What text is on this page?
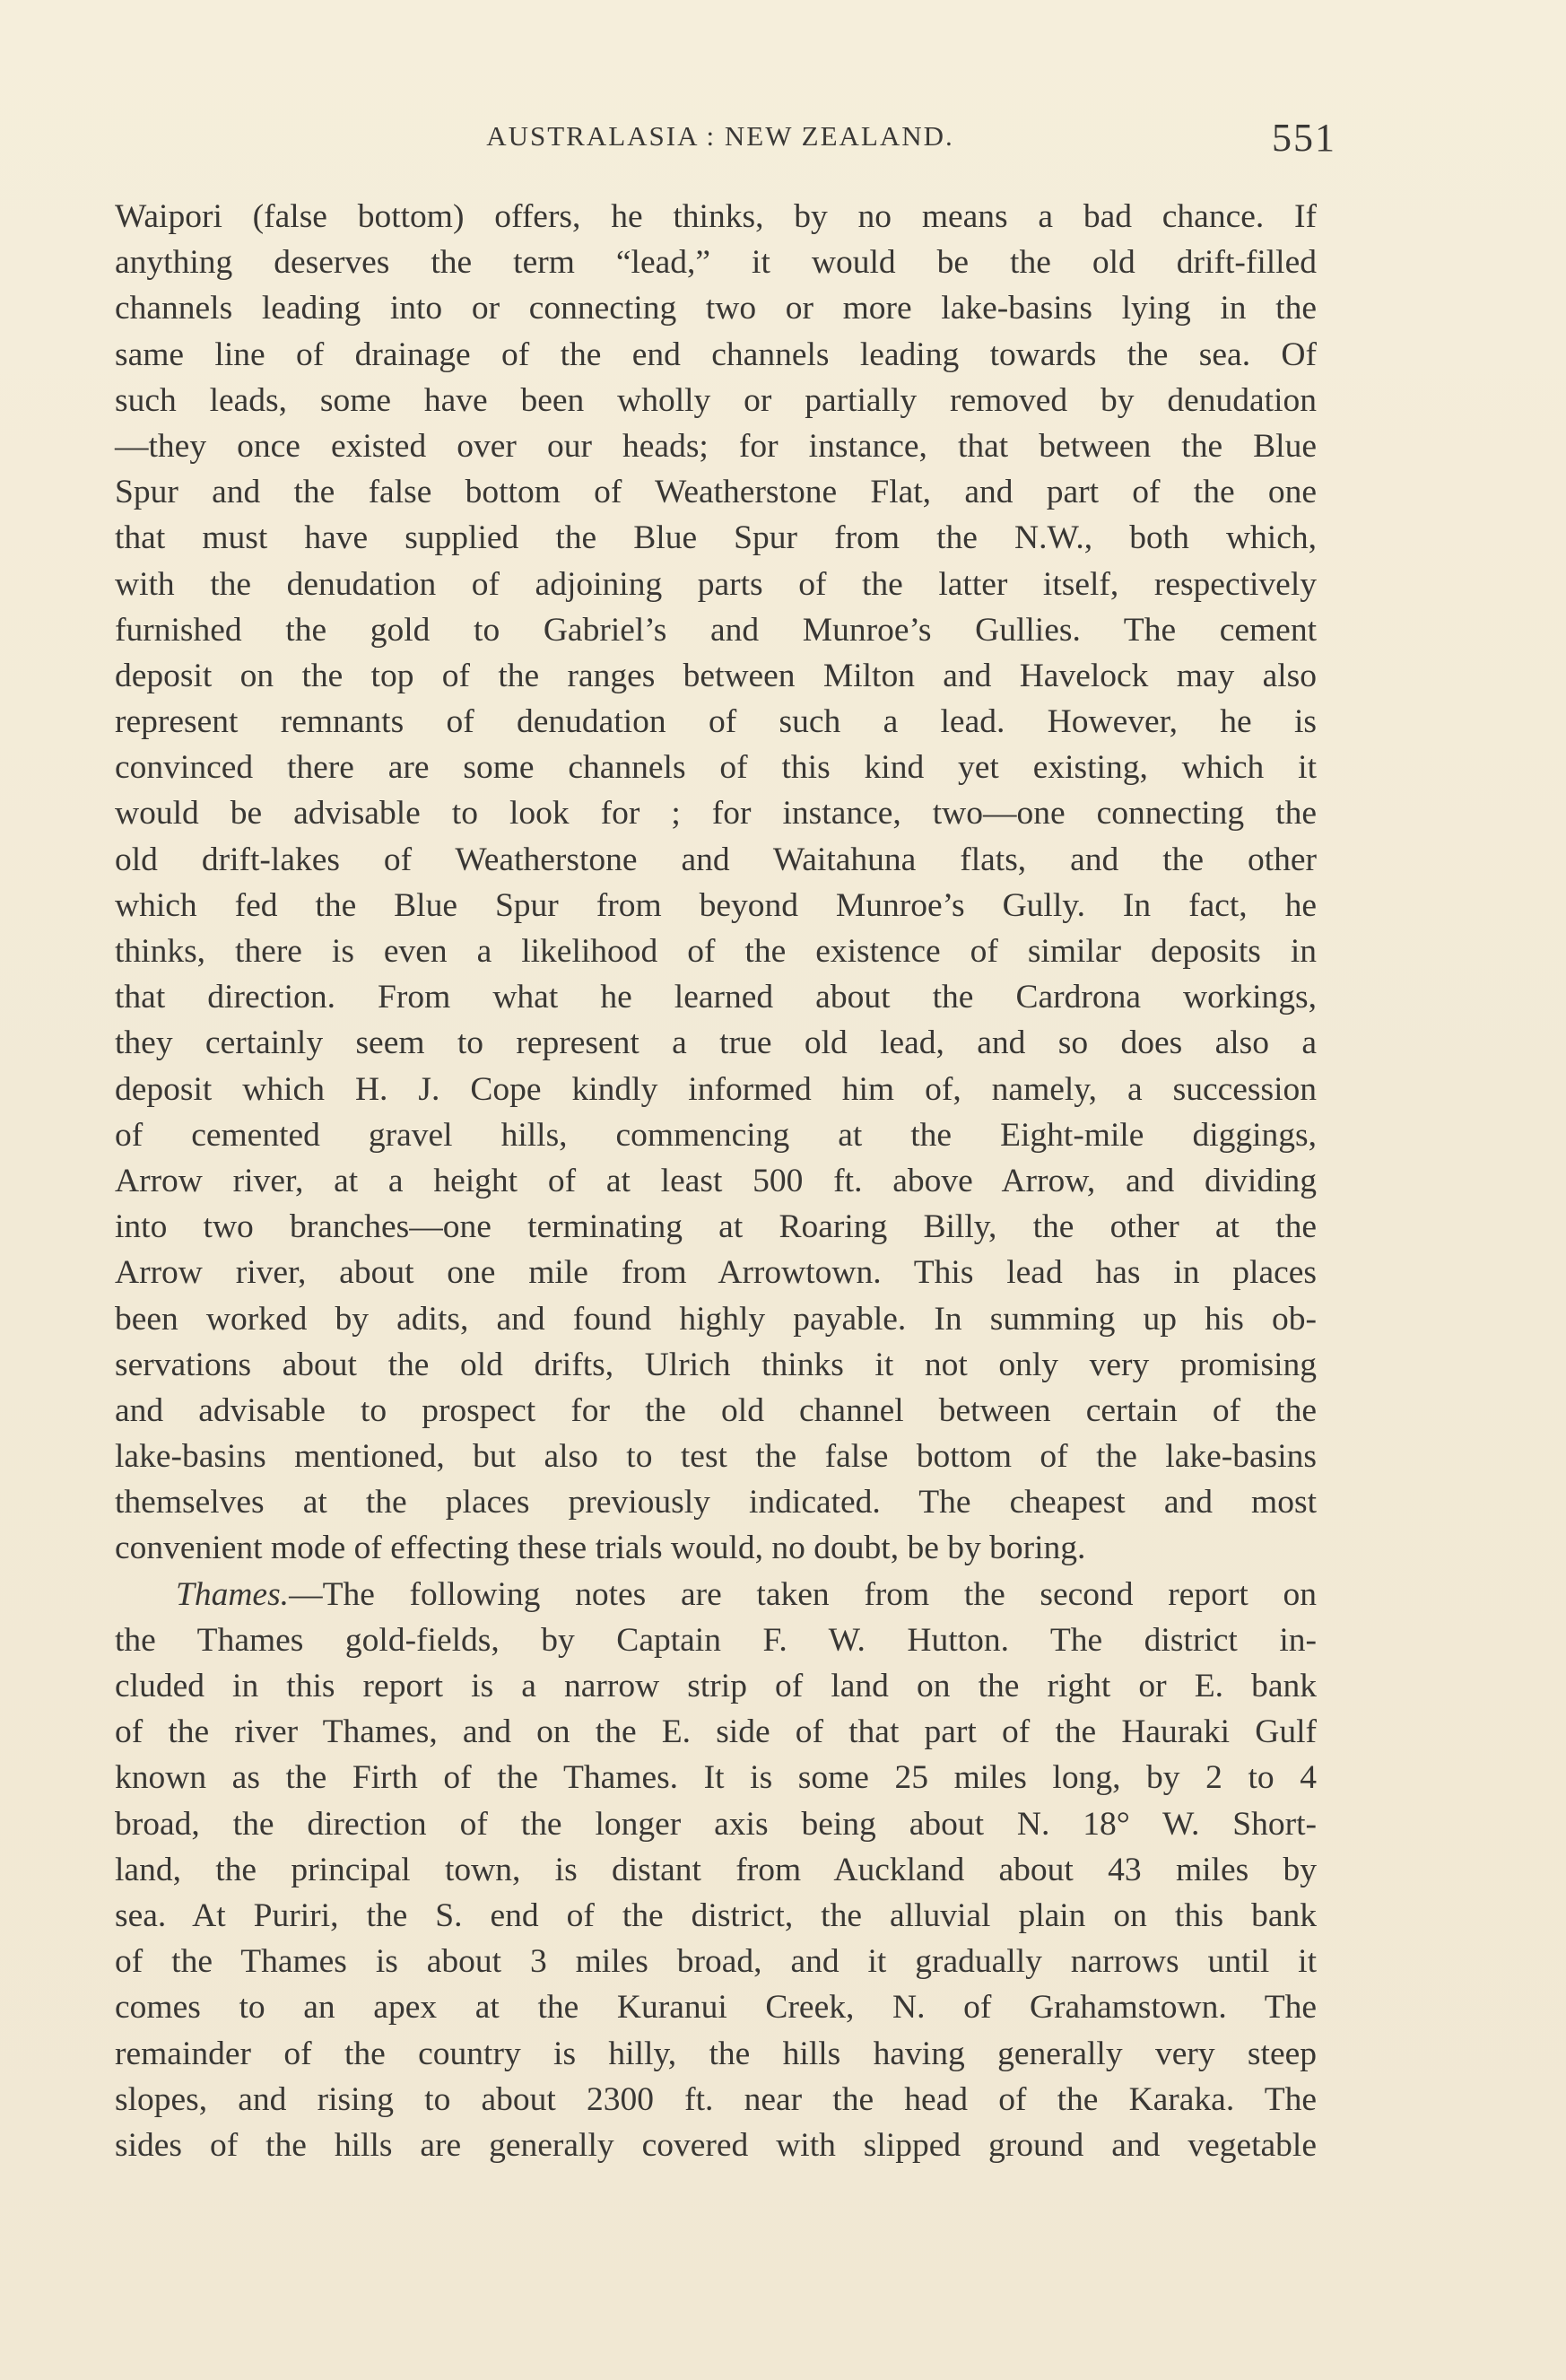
AUSTRALASIA : NEW ZEALAND.	551
Waipori (false bottom) offers, he thinks, by no means a bad chance. If
anything deserves the term “lead,” it would be the old drift-filled
channels leading into or connecting two or more lake-basins lying in the
same line of drainage of the end channels leading towards the sea. Of
such leads, some have been wholly or partially removed by denudation
—they once existed over our heads; for instance, that between the Blue
Spur and the false bottom of Weatherstone Flat, and part of the one
that must have supplied the Blue Spur from the N.W., both which,
with the denudation of adjoining parts of the latter itself, respectively
furnished the gold to Gabriel’s and Munroe’s Gullies. The cement
deposit on the top of the ranges between Milton and Havelock may also
represent remnants of denudation of such a lead. However, he is
convinced there are some channels of this kind yet existing, which it
would be advisable to look for ; for instance, two—one connecting the
old drift-lakes of Weatherstone and Waitahuna flats, and the other
which fed the Blue Spur from beyond Munroe’s Gully. In fact, he
thinks, there is even a likelihood of the existence of similar deposits in
that direction. From what he learned about the Cardrona workings,
they certainly seem to represent a true old lead, and so does also a
deposit which H. J. Cope kindly informed him of, namely, a succession
of cemented gravel hills, commencing at the Eight-mile diggings,
Arrow river, at a height of at least 500 ft. above Arrow, and dividing
into two branches—one terminating at Roaring Billy, the other at the
Arrow river, about one mile from Arrowtown. This lead has in places
been worked by adits, and found highly payable. In summing up his ob-
servations about the old drifts, Ulrich thinks it not only very promising
and advisable to prospect for the old channel between certain of the
lake-basins mentioned, but also to test the false bottom of the lake-basins
themselves at the places previously indicated. The cheapest and most
convenient mode of effecting these trials would, no doubt, be by boring.
Thames.—The following notes are taken from the second report on
the Thames gold-fields, by Captain F. W. Hutton. The district in-
cluded in this report is a narrow strip of land on the right or E. bank
of the river Thames, and on the E. side of that part of the Hauraki Gulf
known as the Firth of the Thames. It is some 25 miles long, by 2 to 4
broad, the direction of the longer axis being about N. 18° W. Short-
land, the principal town, is distant from Auckland about 43 miles by
sea. At Puriri, the S. end of the district, the alluvial plain on this bank
of the Thames is about 3 miles broad, and it gradually narrows until it
comes to an apex at the Kuranui Creek, N. of Grahamstown. The
remainder of the country is hilly, the hills having generally very steep
slopes, and rising to about 2300 ft. near the head of the Karaka. The
sides of the hills are generally covered with slipped ground and vegetable
